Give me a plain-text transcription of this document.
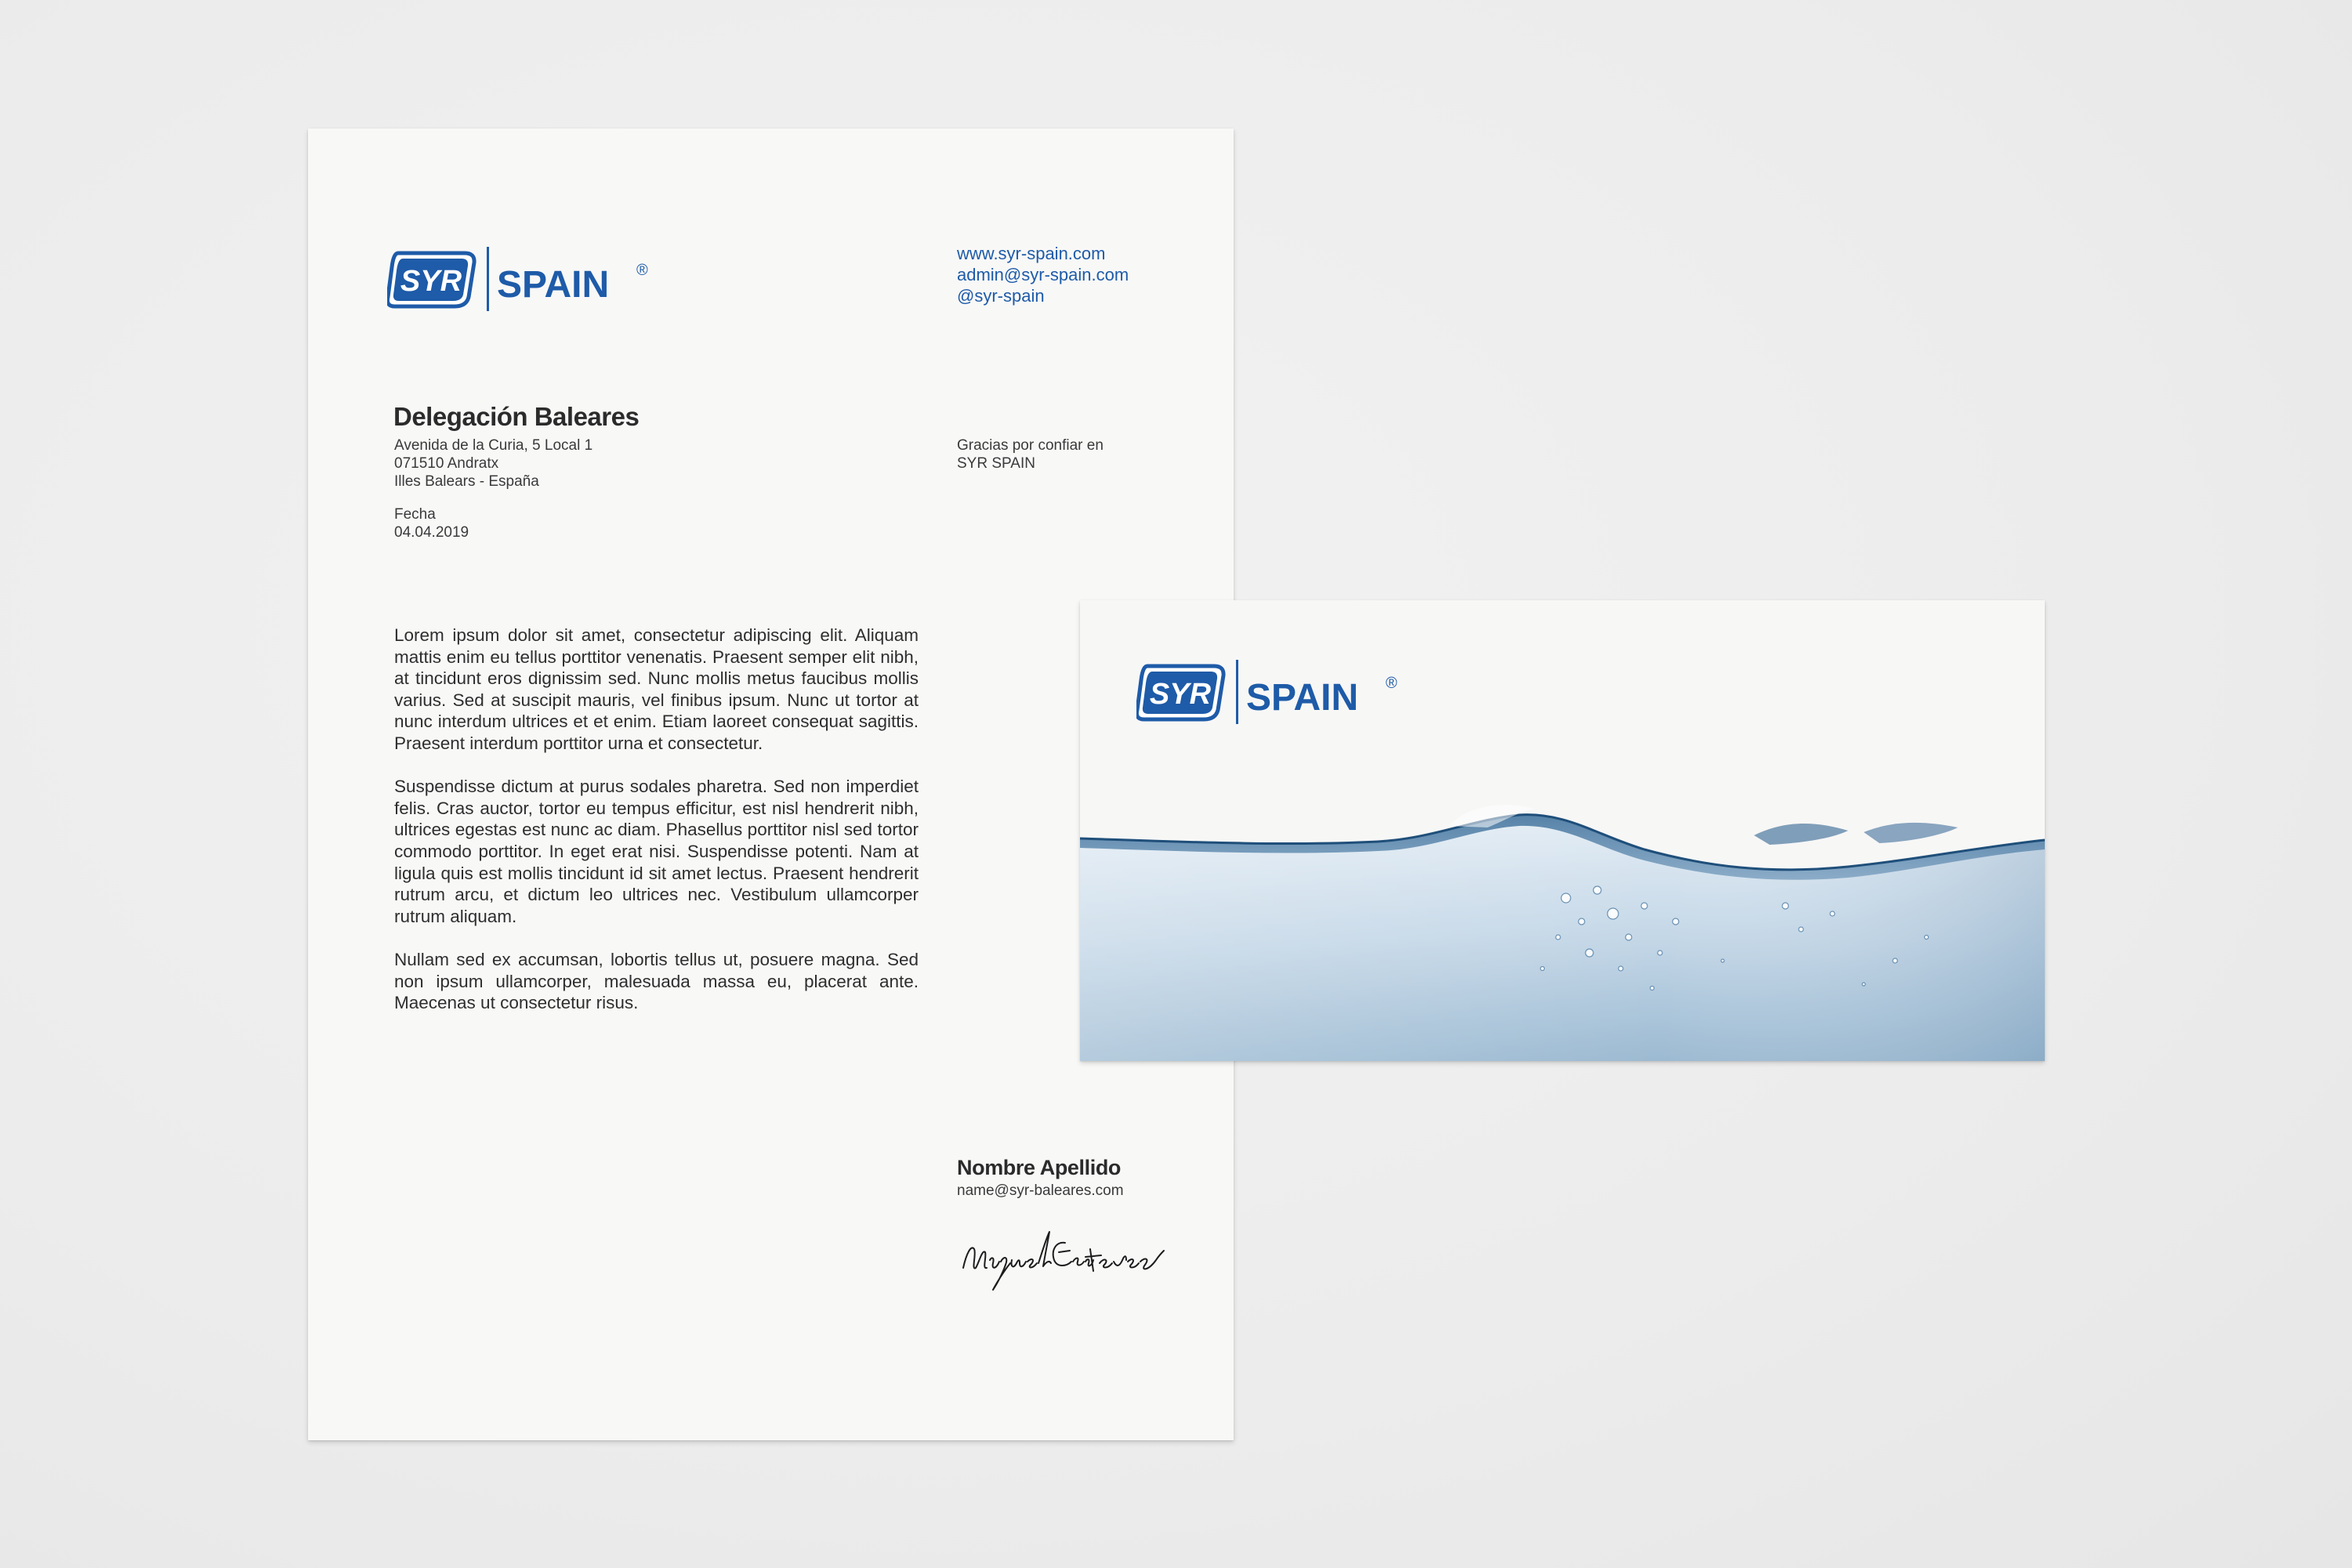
SYR SPAIN ®
www.syr-spain.com
admin@syr-spain.com
@syr-spain
Delegación Baleares
Avenida de la Curia, 5 Local 1
071510 Andratx
Illes Balears - España
Fecha
04.04.2019
Gracias por confiar en
SYR SPAIN

Lorem ipsum dolor sit amet, consectetur adipiscing elit. Aliquam mattis enim eu tellus porttitor venenatis. Praesent semper elit nibh, at tincidunt eros dignissim sed. Nunc mollis metus faucibus mollis varius. Sed at suscipit mauris, vel finibus ipsum. Nunc ut tortor at nunc interdum ultrices et et enim. Etiam laoreet consequat sagittis. Praesent interdum porttitor urna et consectetur.

Suspendisse dictum at purus sodales pharetra. Sed non imperdiet felis. Cras auctor, tortor eu tempus efficitur, est nisl hendrerit nibh, ultrices egestas est nunc ac diam. Phasellus porttitor nisl sed tortor commodo porttitor. In eget erat nisi. Suspendisse potenti. Nam at ligula quis est mollis tincidunt id sit amet lectus. Praesent hendrerit rutrum arcu, et dictum leo ultrices nec. Vestibulum ullamcorper rutrum aliquam.

Nullam sed ex accumsan, lobortis tellus ut, posuere magna. Sed non ipsum ullamcorper, malesuada massa eu, placerat ante. Maecenas ut consectetur risus.

Nombre Apellido
name@syr-baleares.com
SYR SPAIN ®
